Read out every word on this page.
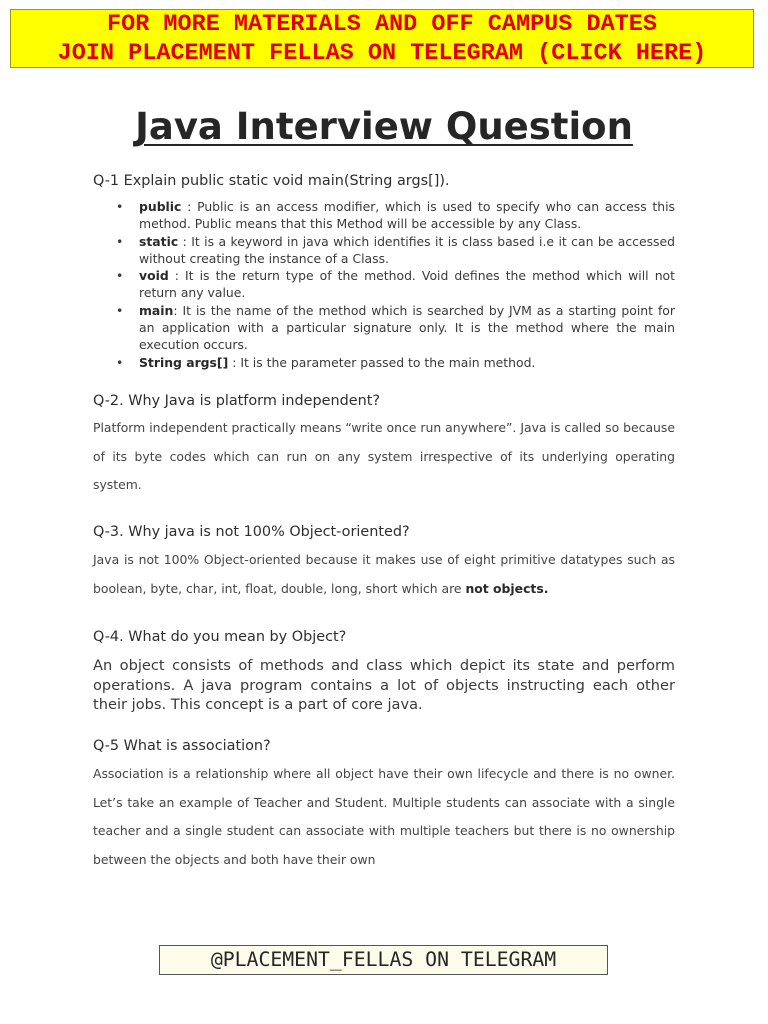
FOR MORE MATERIALS AND OFF CAMPUS DATES
JOIN PLACEMENT FELLAS ON TELEGRAM (CLICK HERE)
Java Interview Question

Q-1 Explain public static void main(String args[]).

• public : Public is an access modifier, which is used to specify who can access this method. Public means that this Method will be accessible by any Class.
• static : It is a keyword in java which identifies it is class based i.e it can be accessed without creating the instance of a Class.
• void : It is the return type of the method. Void defines the method which will not return any value.
• main: It is the name of the method which is searched by JVM as a starting point for an application with a particular signature only. It is the method where the main execution occurs.
• String args[] : It is the parameter passed to the main method.

Q-2. Why Java is platform independent?

Platform independent practically means “write once run anywhere”. Java is called so because of its byte codes which can run on any system irrespective of its underlying operating system.

Q-3. Why java is not 100% Object-oriented?

Java is not 100% Object-oriented because it makes use of eight primitive datatypes such as boolean, byte, char, int, float, double, long, short which are not objects.

Q-4. What do you mean by Object?

An object consists of methods and class which depict its state and perform operations. A java program contains a lot of objects instructing each other their jobs. This concept is a part of core java.

Q-5 What is association?

Association is a relationship where all object have their own lifecycle and there is no owner. Let’s take an example of Teacher and Student. Multiple students can associate with a single teacher and a single student can associate with multiple teachers but there is no ownership between the objects and both have their own

@PLACEMENT_FELLAS ON TELEGRAM
